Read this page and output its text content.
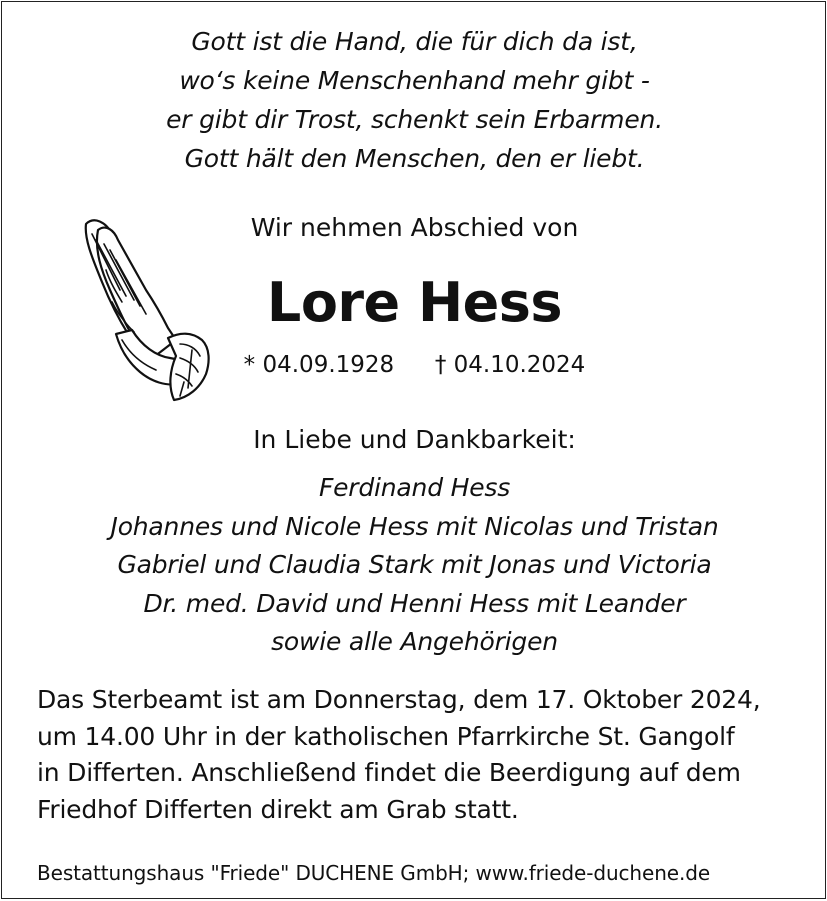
Gott ist die Hand, die für dich da ist,
wo‘s keine Menschenhand mehr gibt -
er gibt dir Trost, schenkt sein Erbarmen.
Gott hält den Menschen, den er liebt.
Wir nehmen Abschied von
Lore Hess
* 04.09.1928 † 04.10.2024
In Liebe und Dankbarkeit:
Ferdinand Hess
Johannes und Nicole Hess mit Nicolas und Tristan
Gabriel und Claudia Stark mit Jonas und Victoria
Dr. med. David und Henni Hess mit Leander
sowie alle Angehörigen
Das Sterbeamt ist am Donnerstag, dem 17. Oktober 2024,
um 14.00 Uhr in der katholischen Pfarrkirche St. Gangolf
in Differten. Anschließend findet die Beerdigung auf dem
Friedhof Differten direkt am Grab statt.
Bestattungshaus "Friede" DUCHENE GmbH; www.friede-duchene.de
